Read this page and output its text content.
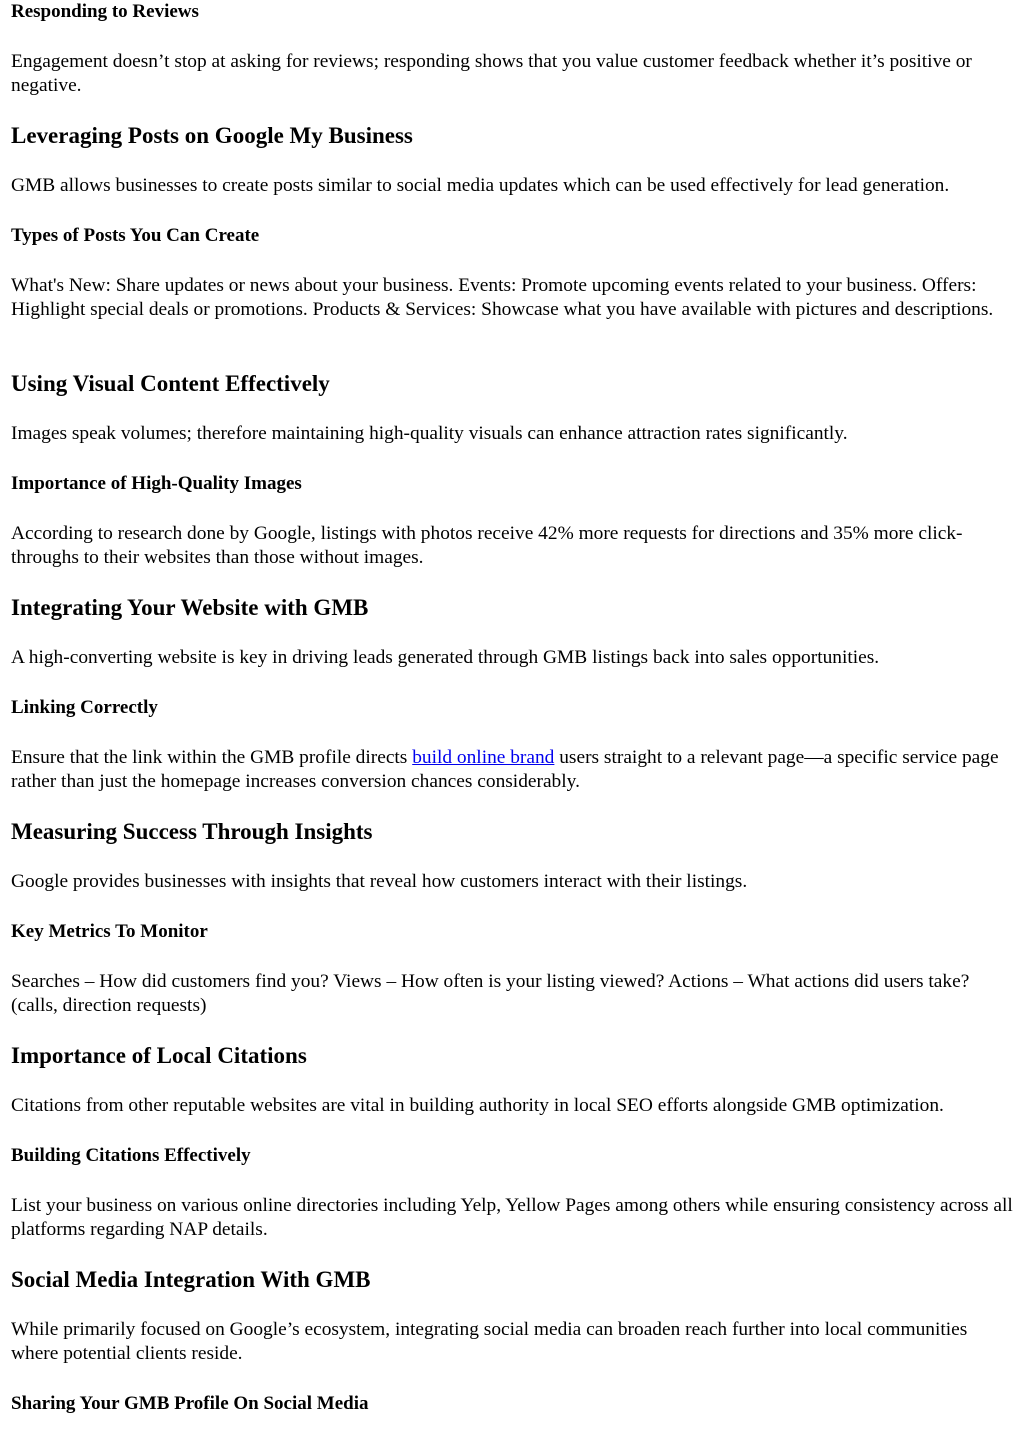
Responding to Reviews

Engagement doesn’t stop at asking for reviews; responding shows that you value customer feedback whether it’s positive or negative.

Leveraging Posts on Google My Business

GMB allows businesses to create posts similar to social media updates which can be used effectively for lead generation.

Types of Posts You Can Create

What's New: Share updates or news about your business. Events: Promote upcoming events related to your business. Offers: Highlight special deals or promotions. Products & Services: Showcase what you have available with pictures and descriptions.

Using Visual Content Effectively

Images speak volumes; therefore maintaining high-quality visuals can enhance attraction rates significantly.

Importance of High-Quality Images

According to research done by Google, listings with photos receive 42% more requests for directions and 35% more click-throughs to their websites than those without images.

Integrating Your Website with GMB

A high-converting website is key in driving leads generated through GMB listings back into sales opportunities.

Linking Correctly

Ensure that the link within the GMB profile directs build online brand users straight to a relevant page—a specific service page rather than just the homepage increases conversion chances considerably.

Measuring Success Through Insights

Google provides businesses with insights that reveal how customers interact with their listings.

Key Metrics To Monitor

Searches – How did customers find you? Views – How often is your listing viewed? Actions – What actions did users take? (calls, direction requests)

Importance of Local Citations

Citations from other reputable websites are vital in building authority in local SEO efforts alongside GMB optimization.

Building Citations Effectively

List your business on various online directories including Yelp, Yellow Pages among others while ensuring consistency across all platforms regarding NAP details.

Social Media Integration With GMB

While primarily focused on Google’s ecosystem, integrating social media can broaden reach further into local communities where potential clients reside.

Sharing Your GMB Profile On Social Media
